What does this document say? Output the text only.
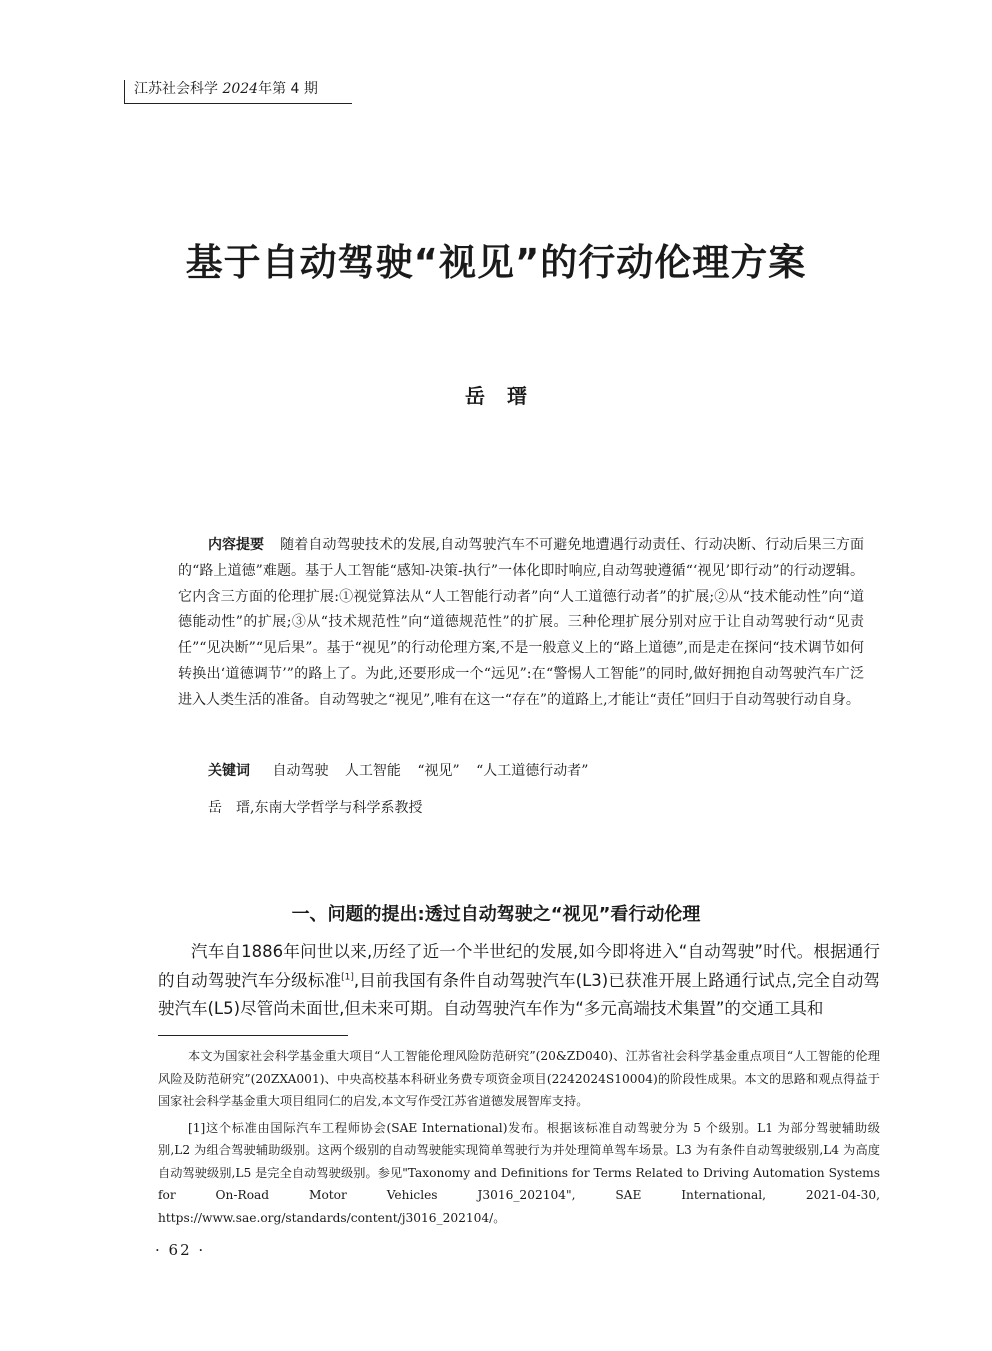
江苏社会科学 2024年第 4 期
基于自动驾驶“视见”的行动伦理方案
岳瑨

内容提要 随着自动驾驶技术的发展,自动驾驶汽车不可避免地遭遇行动责任、行动决断、行动后果三方面的“路上道德”难题。基于人工智能“感知-决策-执行”一体化即时响应,自动驾驶遵循“‘视见’即行动”的行动逻辑。它内含三方面的伦理扩展:①视觉算法从“人工智能行动者”向“人工道德行动者”的扩展;②从“技术能动性”向“道德能动性”的扩展;③从“技术规范性”向“道德规范性”的扩展。三种伦理扩展分别对应于让自动驾驶行动“见责任”“见决断”“见后果”。基于“视见”的行动伦理方案,不是一般意义上的“路上道德”,而是走在探问“技术调节如何转换出‘道德调节’”的路上了。为此,还要形成一个“远见”:在“警惕人工智能”的同时,做好拥抱自动驾驶汽车广泛进入人类生活的准备。自动驾驶之“视见”,唯有在这一“存在”的道路上,才能让“责任”回归于自动驾驶行动自身。

关键词 自动驾驶 人工智能 “视见” “人工道德行动者”
岳　瑨,东南大学哲学与科学系教授
一、问题的提出:透过自动驾驶之“视见”看行动伦理

汽车自1886年问世以来,历经了近一个半世纪的发展,如今即将进入“自动驾驶”时代。根据通行的自动驾驶汽车分级标准[1],目前我国有条件自动驾驶汽车(L3)已获准开展上路通行试点,完全自动驾驶汽车(L5)尽管尚未面世,但未来可期。自动驾驶汽车作为“多元高端技术集置”的交通工具和

本文为国家社会科学基金重大项目“人工智能伦理风险防范研究”(20&ZD040)、江苏省社会科学基金重点项目“人工智能的伦理风险及防范研究”(20ZXA001)、中央高校基本科研业务费专项资金项目(2242024S10004)的阶段性成果。本文的思路和观点得益于国家社会科学基金重大项目组同仁的启发,本文写作受江苏省道德发展智库支持。

[1]这个标准由国际汽车工程师协会(SAE International)发布。根据该标准自动驾驶分为 5 个级别。L1 为部分驾驶辅助级别,L2 为组合驾驶辅助级别。这两个级别的自动驾驶能实现简单驾驶行为并处理简单驾车场景。L3 为有条件自动驾驶级别,L4 为高度自动驾驶级别,L5 是完全自动驾驶级别。参见"Taxonomy and Definitions for Terms Related to Driving Automation Systems for On-Road Motor Vehicles J3016_202104", SAE International, 2021-04-30, https://www.sae.org/standards/content/j3016_202104/。

· 62 ·
